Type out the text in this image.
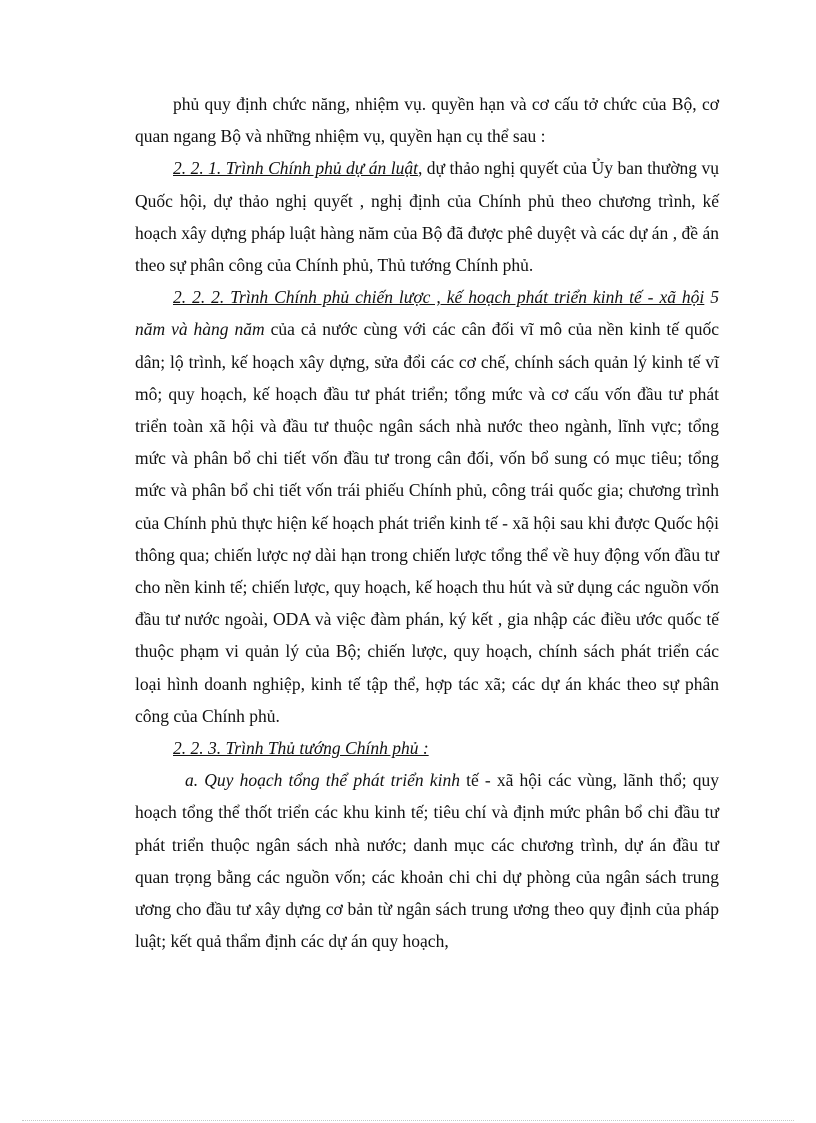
phủ quy định chức năng, nhiệm vụ. quyền hạn và cơ cấu tở chức của Bộ, cơ quan ngang Bộ và những nhiệm vụ, quyền hạn cụ thể sau :

2. 2. 1. Trình Chính phủ dự án luật, dự thảo nghị quyết của Ủy ban thường vụ Quốc hội, dự thảo nghị quyết , nghị định của Chính phủ theo chương trình, kế hoạch xây dựng pháp luật hàng năm của Bộ đã được phê duyệt và các dự án , đề án theo sự phân công của Chính phủ, Thủ tướng Chính phủ.

2. 2. 2. Trình Chính phủ chiến lược , kế hoạch phát triển kinh tế - xã hội 5 năm và hàng năm của cả nước cùng với các cân đối vĩ mô của nền kinh tế quốc dân; lộ trình, kế hoạch xây dựng, sửa đổi các cơ chế, chính sách quản lý kinh tế vĩ mô; quy hoạch, kế hoạch đầu tư phát triển; tổng mức và cơ cấu vốn đầu tư phát triển toàn xã hội và đầu tư thuộc ngân sách nhà nước theo ngành, lĩnh vực; tổng mức và phân bổ chi tiết vốn đầu tư trong cân đối, vốn bổ sung có mục tiêu; tổng mức và phân bổ chi tiết vốn trái phiếu Chính phủ, công trái quốc gia; chương trình của Chính phủ thực hiện kế hoạch phát triển kinh tế - xã hội sau khi được Quốc hội thông qua; chiến lược nợ dài hạn trong chiến lược tổng thể về huy động vốn đầu tư cho nền kinh tế; chiến lược, quy hoạch, kế hoạch thu hút và sử dụng các nguồn vốn đầu tư nước ngoài, ODA và việc đàm phán, ký kết , gia nhập các điều ước quốc tế thuộc phạm vi quản lý của Bộ; chiến lược, quy hoạch, chính sách phát triển các loại hình doanh nghiệp, kinh tế tập thể, hợp tác xã; các dự án khác theo sự phân công của Chính phủ.

2. 2. 3. Trình Thủ tướng Chính phủ :

a. Quy hoạch tổng thể phát triển kinh tế - xã hội các vùng, lãnh thổ; quy hoạch tổng thể thốt triển các khu kinh tế; tiêu chí và định mức phân bổ chi đầu tư phát triển thuộc ngân sách nhà nước; danh mục các chương trình, dự án đầu tư quan trọng bằng các nguồn vốn; các khoản chi chi dự phòng của ngân sách trung ương cho đầu tư xây dựng cơ bản từ ngân sách trung ương theo quy định của pháp luật; kết quả thẩm định các dự án quy hoạch,
